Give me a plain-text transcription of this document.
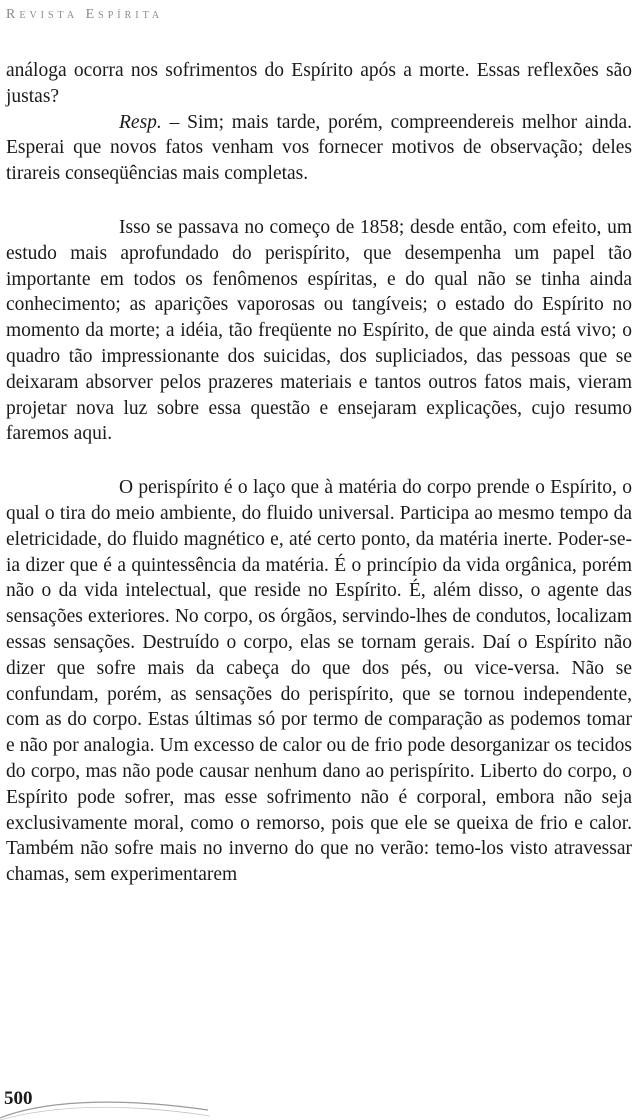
Revista Espírita

análoga ocorra nos sofrimentos do Espírito após a morte. Essas reflexões são justas?

Resp. – Sim; mais tarde, porém, compreendereis melhor ainda. Esperai que novos fatos venham vos fornecer motivos de observação; deles tirareis conseqüências mais completas.

Isso se passava no começo de 1858; desde então, com efeito, um estudo mais aprofundado do perispírito, que desempenha um papel tão importante em todos os fenômenos espíritas, e do qual não se tinha ainda conhecimento; as aparições vaporosas ou tangíveis; o estado do Espírito no momento da morte; a idéia, tão freqüente no Espírito, de que ainda está vivo; o quadro tão impressionante dos suicidas, dos supliciados, das pessoas que se deixaram absorver pelos prazeres materiais e tantos outros fatos mais, vieram projetar nova luz sobre essa questão e ensejaram explicações, cujo resumo faremos aqui.

O perispírito é o laço que à matéria do corpo prende o Espírito, o qual o tira do meio ambiente, do fluido universal. Participa ao mesmo tempo da eletricidade, do fluido magnético e, até certo ponto, da matéria inerte. Poder-se-ia dizer que é a quintessência da matéria. É o princípio da vida orgânica, porém não o da vida intelectual, que reside no Espírito. É, além disso, o agente das sensações exteriores. No corpo, os órgãos, servindo-lhes de condutos, localizam essas sensações. Destruído o corpo, elas se tornam gerais. Daí o Espírito não dizer que sofre mais da cabeça do que dos pés, ou vice-versa. Não se confundam, porém, as sensações do perispírito, que se tornou independente, com as do corpo. Estas últimas só por termo de comparação as podemos tomar e não por analogia. Um excesso de calor ou de frio pode desorganizar os tecidos do corpo, mas não pode causar nenhum dano ao perispírito. Liberto do corpo, o Espírito pode sofrer, mas esse sofrimento não é corporal, embora não seja exclusivamente moral, como o remorso, pois que ele se queixa de frio e calor. Também não sofre mais no inverno do que no verão: temo-los visto atravessar chamas, sem experimentarem

500
